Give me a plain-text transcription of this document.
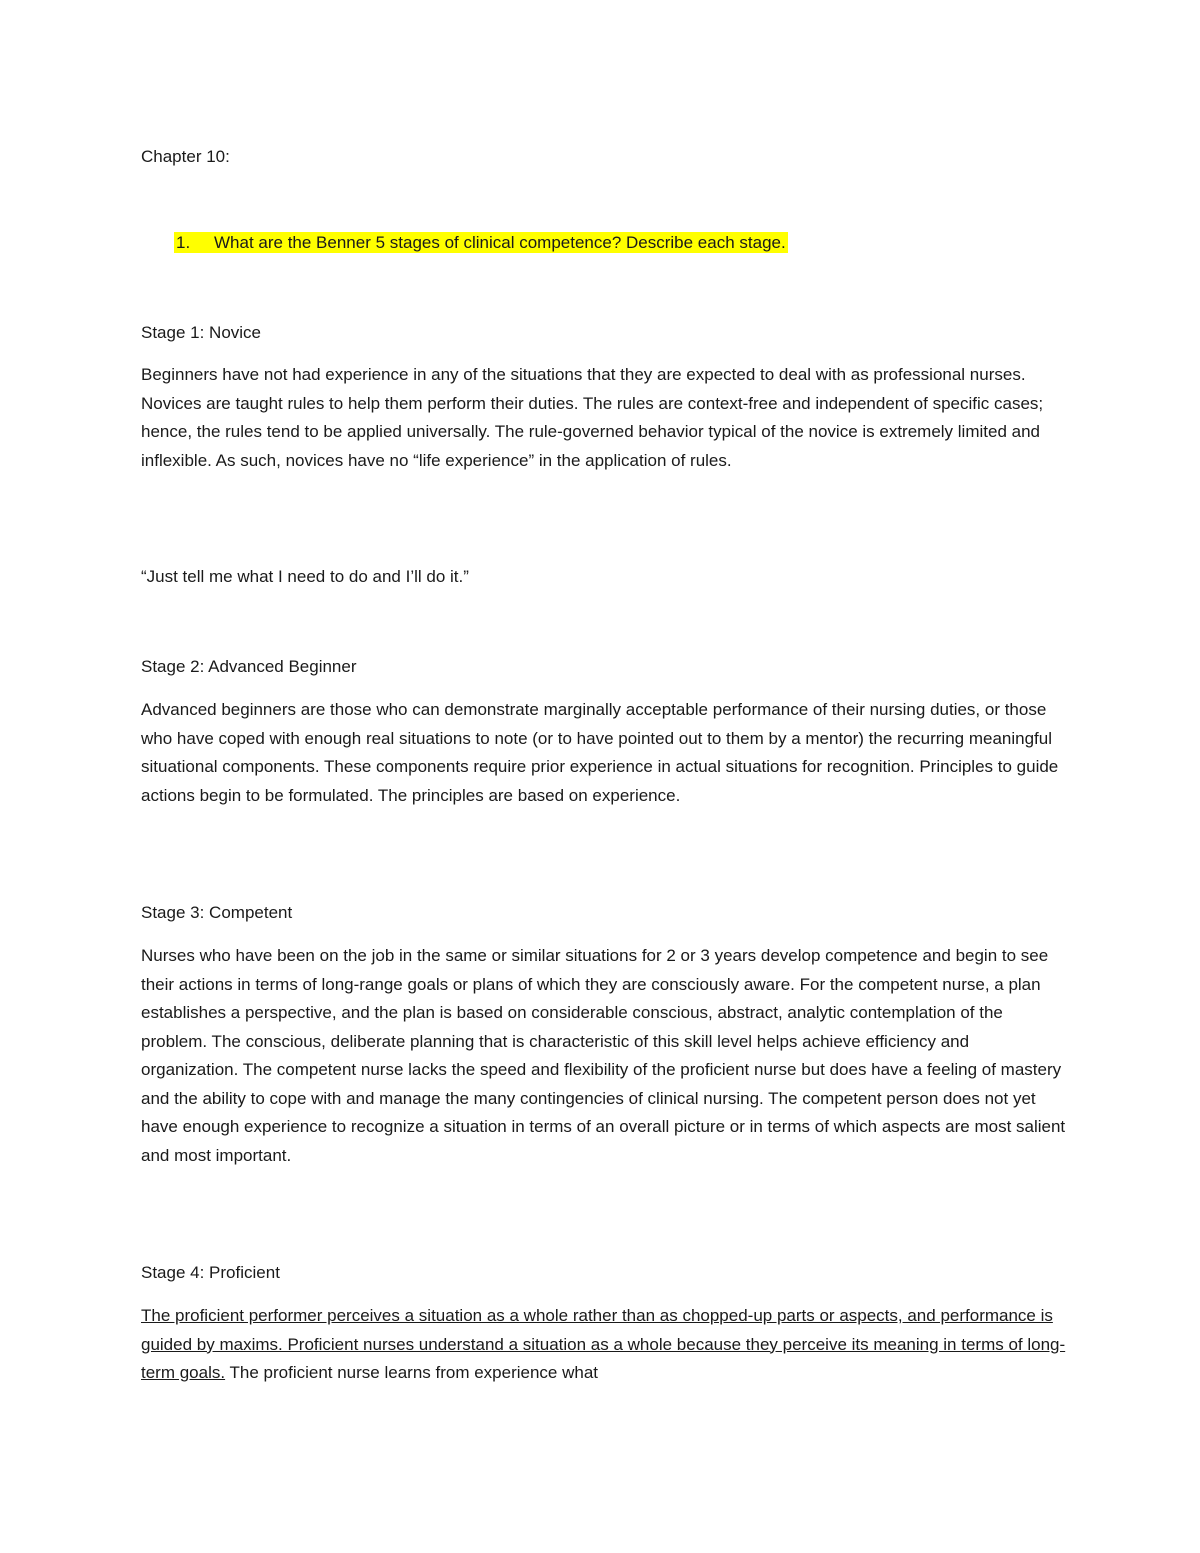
Chapter 10:

1. What are the Benner 5 stages of clinical competence? Describe each stage.

Stage 1: Novice

Beginners have not had experience in any of the situations that they are expected to deal with as professional nurses. Novices are taught rules to help them perform their duties. The rules are context-free and independent of specific cases; hence, the rules tend to be applied universally. The rule-governed behavior typical of the novice is extremely limited and inflexible. As such, novices have no “life experience” in the application of rules.

“Just tell me what I need to do and I’ll do it.”

Stage 2: Advanced Beginner

Advanced beginners are those who can demonstrate marginally acceptable performance of their nursing duties, or those who have coped with enough real situations to note (or to have pointed out to them by a mentor) the recurring meaningful situational components. These components require prior experience in actual situations for recognition. Principles to guide actions begin to be formulated. The principles are based on experience.

Stage 3: Competent

Nurses who have been on the job in the same or similar situations for 2 or 3 years develop competence and begin to see their actions in terms of long-range goals or plans of which they are consciously aware. For the competent nurse, a plan establishes a perspective, and the plan is based on considerable conscious, abstract, analytic contemplation of the problem. The conscious, deliberate planning that is characteristic of this skill level helps achieve efficiency and organization. The competent nurse lacks the speed and flexibility of the proficient nurse but does have a feeling of mastery and the ability to cope with and manage the many contingencies of clinical nursing. The competent person does not yet have enough experience to recognize a situation in terms of an overall picture or in terms of which aspects are most salient and most important.

Stage 4: Proficient

The proficient performer perceives a situation as a whole rather than as chopped-up parts or aspects, and performance is guided by maxims. Proficient nurses understand a situation as a whole because they perceive its meaning in terms of long-term goals. The proficient nurse learns from experience what
